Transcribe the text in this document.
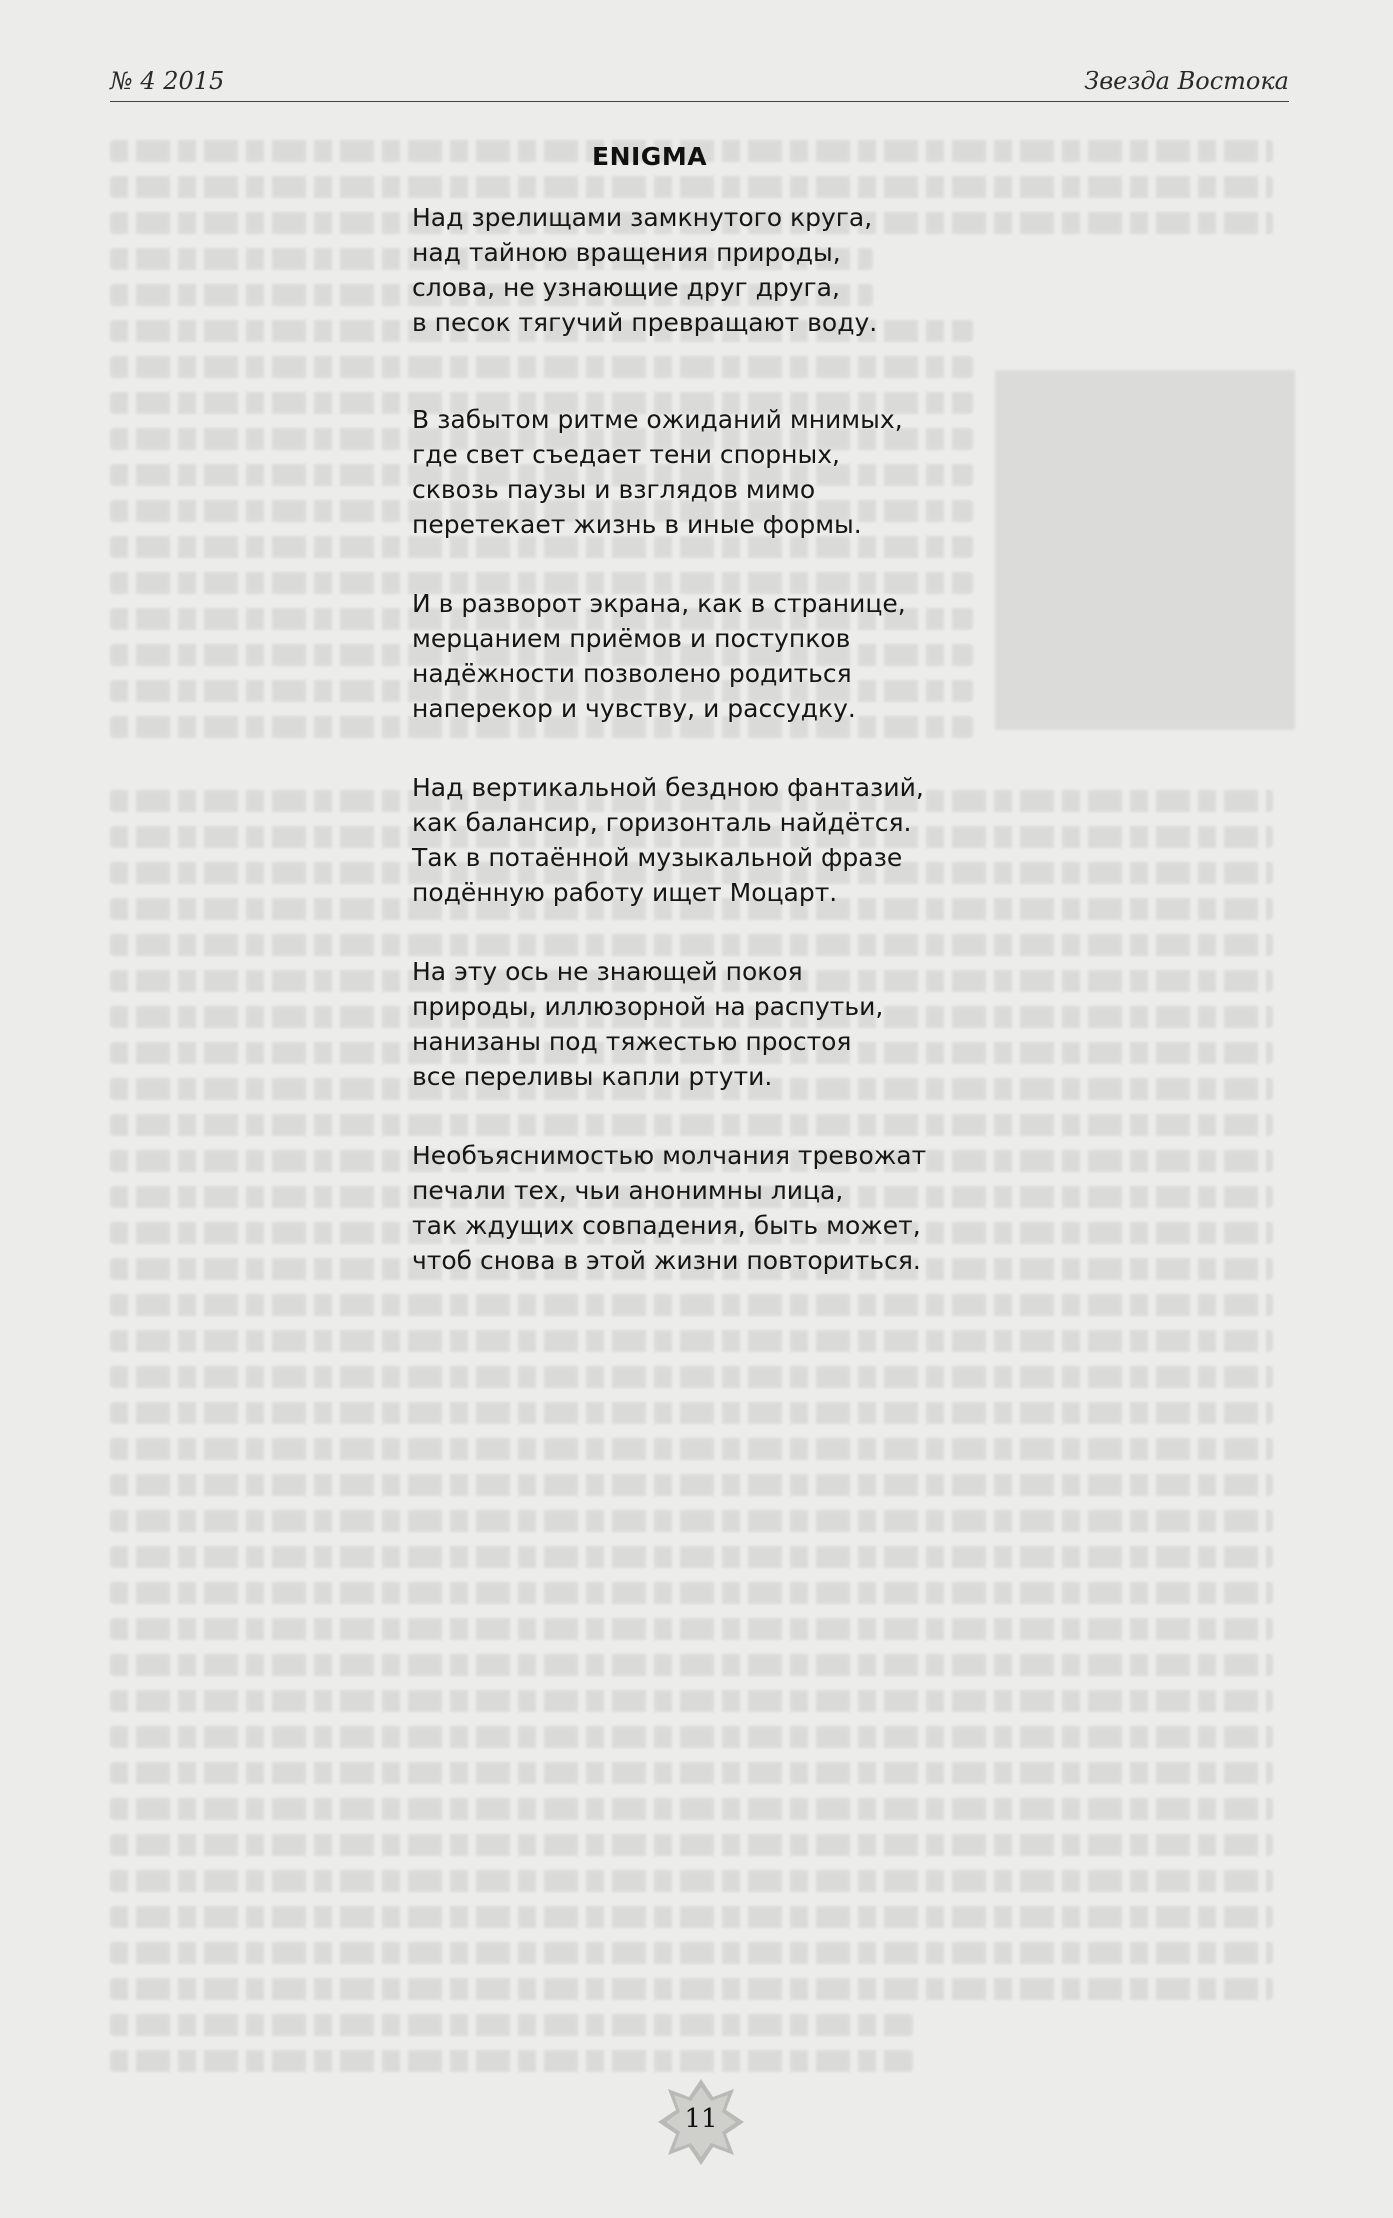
№ 4 2015	Звезда Востока
ENIGMA
Над зрелищами замкнутого круга,
над тайною вращения природы,
слова, не узнающие друг друга,
в песок тягучий превращают воду.
В забытом ритме ожиданий мнимых,
где свет съедает тени спорных,
сквозь паузы и взглядов мимо
перетекает жизнь в иные формы.
И в разворот экрана, как в странице,
мерцанием приёмов и поступков
надёжности позволено родиться
наперекор и чувству, и рассудку.
Над вертикальной бездною фантазий,
как балансир, горизонталь найдётся.
Так в потаённой музыкальной фразе
подённую работу ищет Моцарт.
На эту ось не знающей покоя
природы, иллюзорной на распутьи,
нанизаны под тяжестью простоя
все переливы капли ртути.
Необъяснимостью молчания тревожат
печали тех, чьи анонимны лица,
так ждущих совпадения, быть может,
чтоб снова в этой жизни повториться.
11
